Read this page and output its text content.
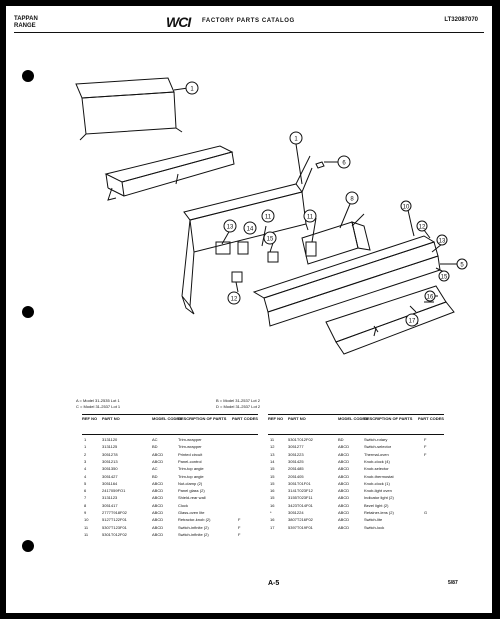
TAPPAN
RANGE	WCI FACTORY PARTS CATALOG	LT32087070
1
1
6
8
10
12
13
5
15
16
17
13 14
11
15
11
12
A = Model 31-2535 Lot 1	B = Model 31-2537 Lot 2
C = Model 31-2537 Lot 1	D = Model 31-2537 Lot 2
REF NO PART NO	MODEL CODES
DESCRIPTION OF PARTS PART CODES
1	3131120	AC	Trim-wrapper
1	3131125	BD	Trim-wrapper
2	3051278	ABCD	Printed circuit
3	3051213	ABCD	Panel-control
4	3051350	AC	Trim-top angle
4	3051427	BD	Trim-top angle
5	3051164	ABCD	Nut-clamp (2)
6	2417059FO1	ABCD	Panel glass (2)
7	3131123	ABCD	Shield-rear wall
8	3051417	ABCD	Clock
9	2777T918F02	ABCD	Glass-oven lite
10	5127T122F01	ABCD	Retractor-knob (2)	F
11	5307T123F01	ABCD	Switch-infinite (2)	F
11	5301T012F02	ABCD	Switch-infinite (2)	F
REF NO PART NO	MODEL CODES
DESCRIPTION OF PARTS PART CODES
11	5301T012F02	BD	Switch-rotary	F
12	3051277	ABCD	Switch-selector	F
13	3051223	ABCD	Thermal-oven	F
14	3051425	ABCD	Knob-clock (4)
15	2051485	ABCD	Knob-selector
15	2051405	ABCD	Knob-thermostat
15	3051T01F01	ABCD	Knob-clock (1)
16	3141T023F12	ABCD	Knob-light oven
15	3155T023F11	ABCD	Indicator light (2)
16	3423T014F01	ABCD	Bezel light (2)
*	3051224	ABCD	Retainer-lens (2)	G
16	3807T216F02	ABCD	Switch-lite
17	5397T019F01	ABCD	Switch-lock
A-5	5/87
